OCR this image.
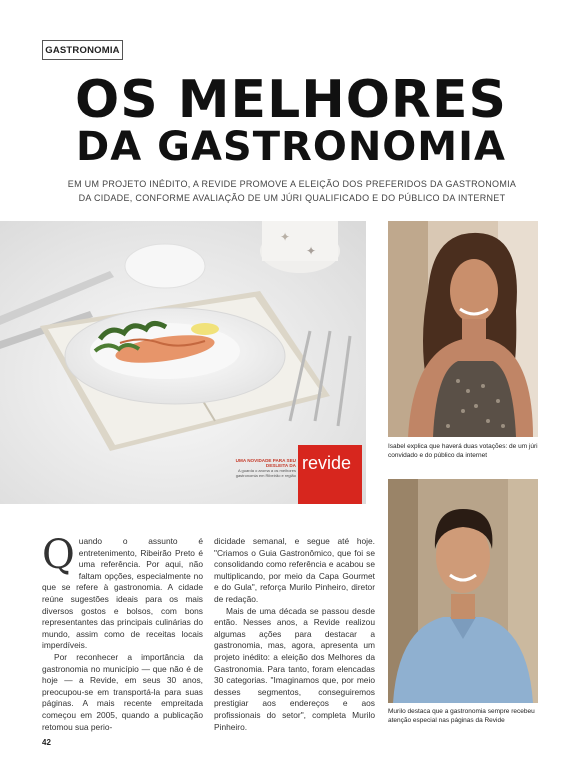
GASTRONOMIA
OS MELHORES
DA GASTRONOMIA
EM UM PROJETO INÉDITO, A REVIDE PROMOVE A ELEIÇÃO DOS PREFERIDOS DA GASTRONOMIA
DA CIDADE, CONFORME AVALIAÇÃO DE UM JÚRI QUALIFICADO E DO PÚBLICO DA INTERNET
✦
✦
revide
UMA NOVIDADE PARA SEU DESLEITA DA
A guarda o aroma a os melhores gastronomia em Ribeirão e região
Isabel explica que haverá duas votações: de um júri convidado e do público da internet
Murilo destaca que a gastronomia sempre recebeu atenção especial nas páginas da Revide

Quando o assunto é entretenimento, Ribeirão Preto é uma referência. Por aqui, não faltam opções, especialmente no que se refere à gastronomia. A cidade reúne sugestões ideais para os mais diversos gostos e bolsos, com bons representantes das principais culinárias do mundo, assim como de receitas locais imperdíveis.

Por reconhecer a importância da gastronomia no município — que não é de hoje — a Revide, em seus 30 anos, preocupou-se em transportá-la para suas páginas. A mais recente empreitada começou em 2005, quando a publicação retomou sua perio-

dicidade semanal, e segue até hoje. "Criamos o Guia Gastronômico, que foi se consolidando como referência e acabou se multiplicando, por meio da Capa Gourmet e do Gula", reforça Murilo Pinheiro, diretor de redação.

Mais de uma década se passou desde então. Nesses anos, a Revide realizou algumas ações para destacar a gastronomia, mas, agora, apresenta um projeto inédito: a eleição dos Melhores da Gastronomia. Para tanto, foram elencadas 30 categorias. "Imaginamos que, por meio desses segmentos, conseguiremos prestigiar aos endereços e aos profissionais do setor", completa Murilo Pinheiro.

42
